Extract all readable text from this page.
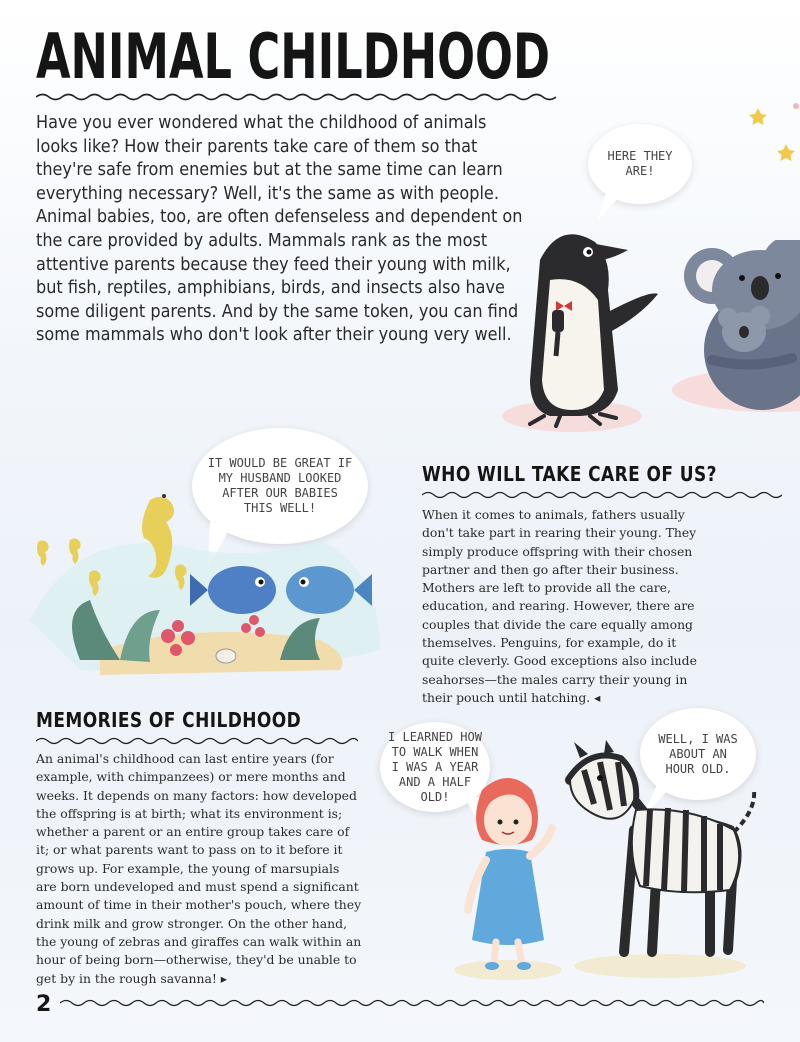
ANIMAL CHILDHOOD

Have you ever wondered what the childhood of animals looks like? How their parents take care of them so that they're safe from enemies but at the same time can learn everything necessary? Well, it's the same as with people. Animal babies, too, are often defenseless and dependent on the care provided by adults. Mammals rank as the most attentive parents because they feed their young with milk, but fish, reptiles, amphibians, birds, and insects also have some diligent parents. And by the same token, you can find some mammals who don't look after their young very well.

HERE THEY ARE!
IT WOULD BE GREAT IF MY HUSBAND LOOKED AFTER OUR BABIES THIS WELL!
WHO WILL TAKE CARE OF US?

When it comes to animals, fathers usually don't take part in rearing their young. They simply produce offspring with their chosen partner and then go after their business. Mothers are left to provide all the care, education, and rearing. However, there are couples that divide the care equally among themselves. Penguins, for example, do it quite cleverly. Good exceptions also include seahorses—the males carry their young in their pouch until hatching. ◂

MEMORIES OF CHILDHOOD

An animal's childhood can last entire years (for example, with chimpanzees) or mere months and weeks. It depends on many factors: how developed the offspring is at birth; what its environment is; whether a parent or an entire group takes care of it; or what parents want to pass on to it before it grows up. For example, the young of marsupials are born undeveloped and must spend a significant amount of time in their mother's pouch, where they drink milk and grow stronger. On the other hand, the young of zebras and giraffes can walk within an hour of being born—otherwise, they'd be unable to get by in the rough savanna! ▸

I LEARNED HOW TO WALK WHEN I WAS A YEAR AND A HALF OLD!
WELL, I WAS ABOUT AN HOUR OLD.
2
